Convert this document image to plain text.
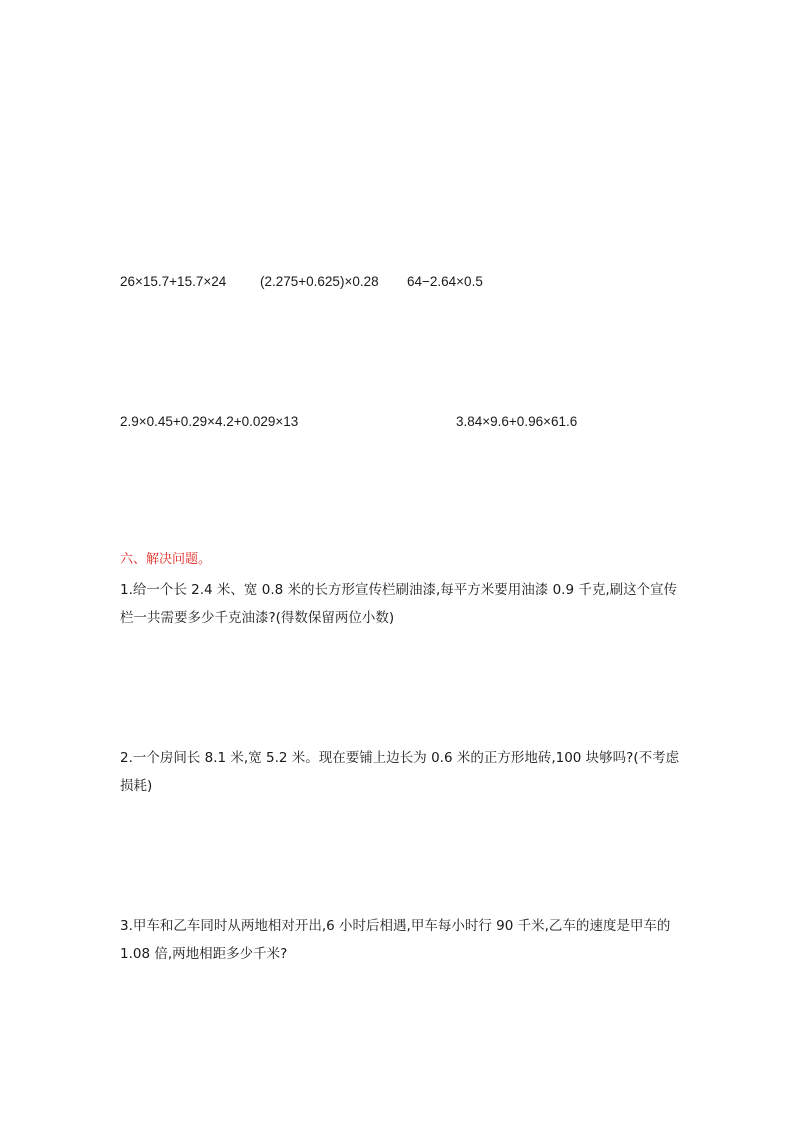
26×15.7+15.7×24	(2.275+0.625)×0.28 64−2.64×0.5
2.9×0.45+0.29×4.2+0.029×13	3.84×9.6+0.96×61.6
六、解决问题。
1.给一个长 2.4 米、宽 0.8 米的长方形宣传栏刷油漆,每平方米要用油漆 0.9 千克,刷这个宣传栏一共需要多少千克油漆?(得数保留两位小数)
2.一个房间长 8.1 米,宽 5.2 米。现在要铺上边长为 0.6 米的正方形地砖,100 块够吗?(不考虑损耗)
3.甲车和乙车同时从两地相对开出,6 小时后相遇,甲车每小时行 90 千米,乙车的速度是甲车的 1.08 倍,两地相距多少千米?
